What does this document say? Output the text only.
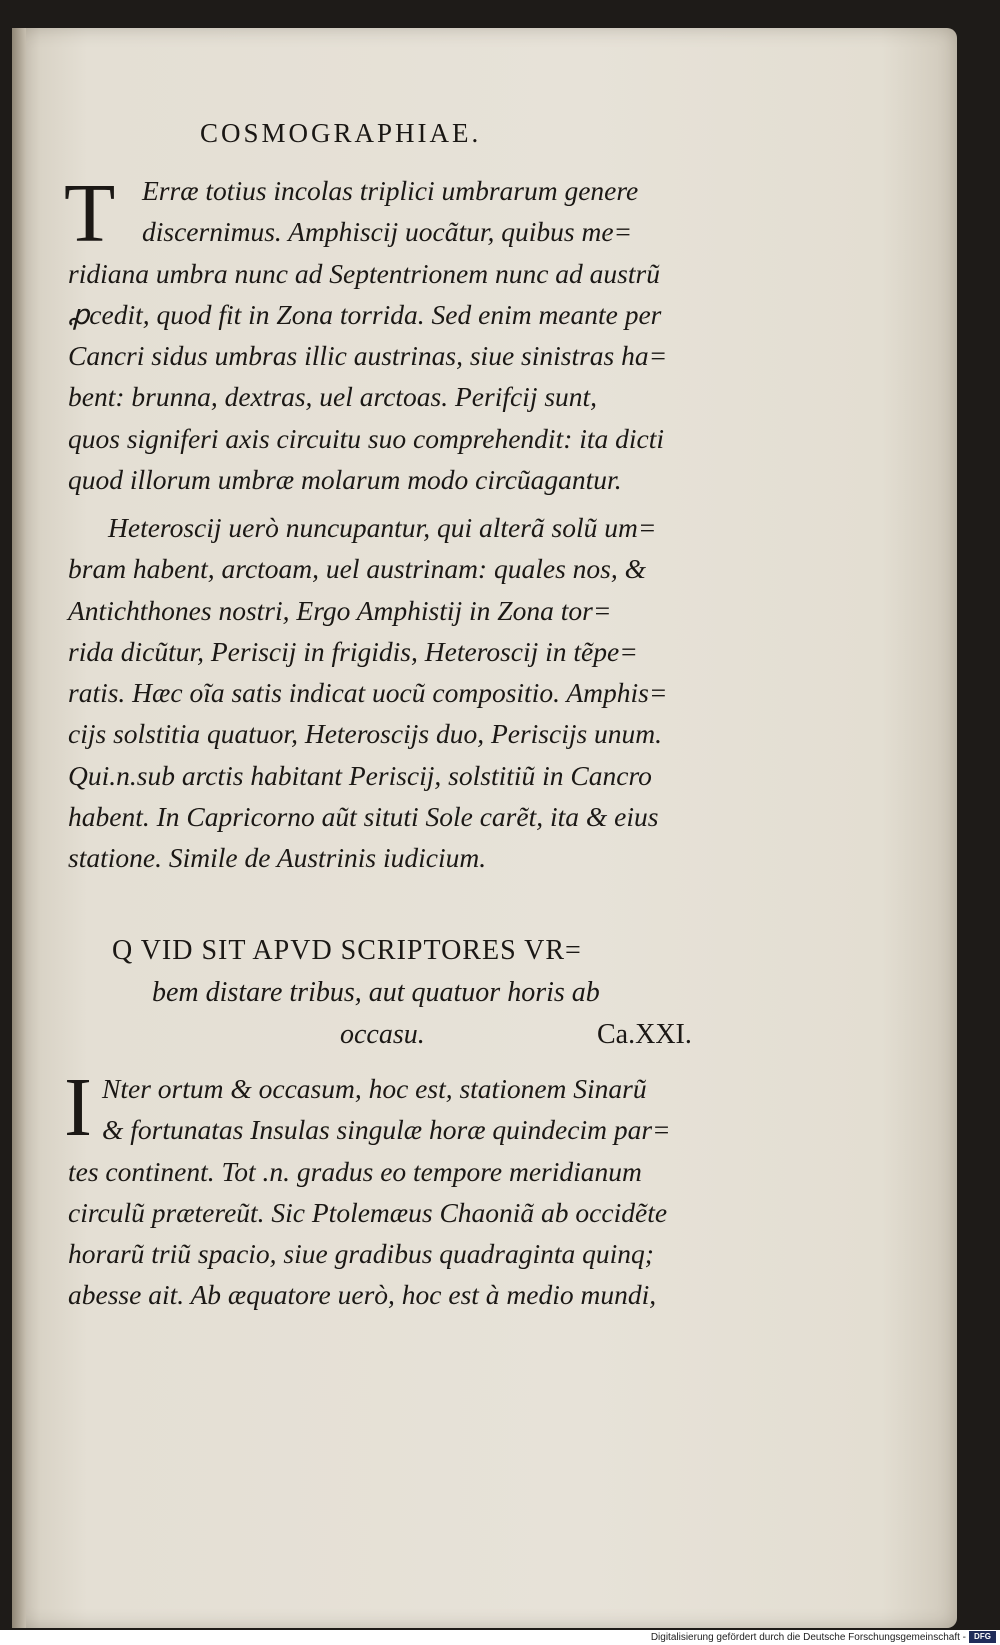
COSMOGRAPHIAE.
T Erræ totius incolas triplici umbrarum genere
discernimus. Amphiscij uocãtur, quibus me=
ridiana umbra nunc ad Septentrionem nunc ad austrũ
ꝓcedit, quod fit in Zona torrida. Sed enim meante per
Cancri sidus umbras illic austrinas, siue sinistras ha=
bent: brunna, dextras, uel arctoas. Perifcij sunt,
quos signiferi axis circuitu suo comprehendit: ita dicti
quod illorum umbræ molarum modo circũagantur.
Heteroscij uerò nuncupantur, qui alterã solũ um=
bram habent, arctoam, uel austrinam: quales nos, &
Antichthones nostri, Ergo Amphistij in Zona tor=
rida dicũtur, Periscij in frigidis, Heteroscij in tẽpe=
ratis. Hæc oĩa satis indicat uocũ compositio. Amphis=
cijs solstitia quatuor, Heteroscijs duo, Periscijs unum.
Qui.n.sub arctis habitant Periscij, solstitiũ in Cancro
habent. In Capricorno aũt situti Sole carẽt, ita & eius
statione. Simile de Austrinis iudicium.
Q VID SIT APVD SCRIPTORES VR=
bem distare tribus, aut quatuor horis ab
occasu.	Ca.XXI.
I Nter ortum & occasum, hoc est, stationem Sinarũ
& fortunatas Insulas singulæ horæ quindecim par=
tes continent. Tot .n. gradus eo tempore meridianum
circulũ prætereũt. Sic Ptolemæus Chaoniã ab occidẽte
horarũ triũ spacio, siue gradibus quadraginta quinq;
abesse ait. Ab æquatore uerò, hoc est à medio mundi,
Digitalisierung gefördert durch die Deutsche Forschungsgemeinschaft -	DFG
